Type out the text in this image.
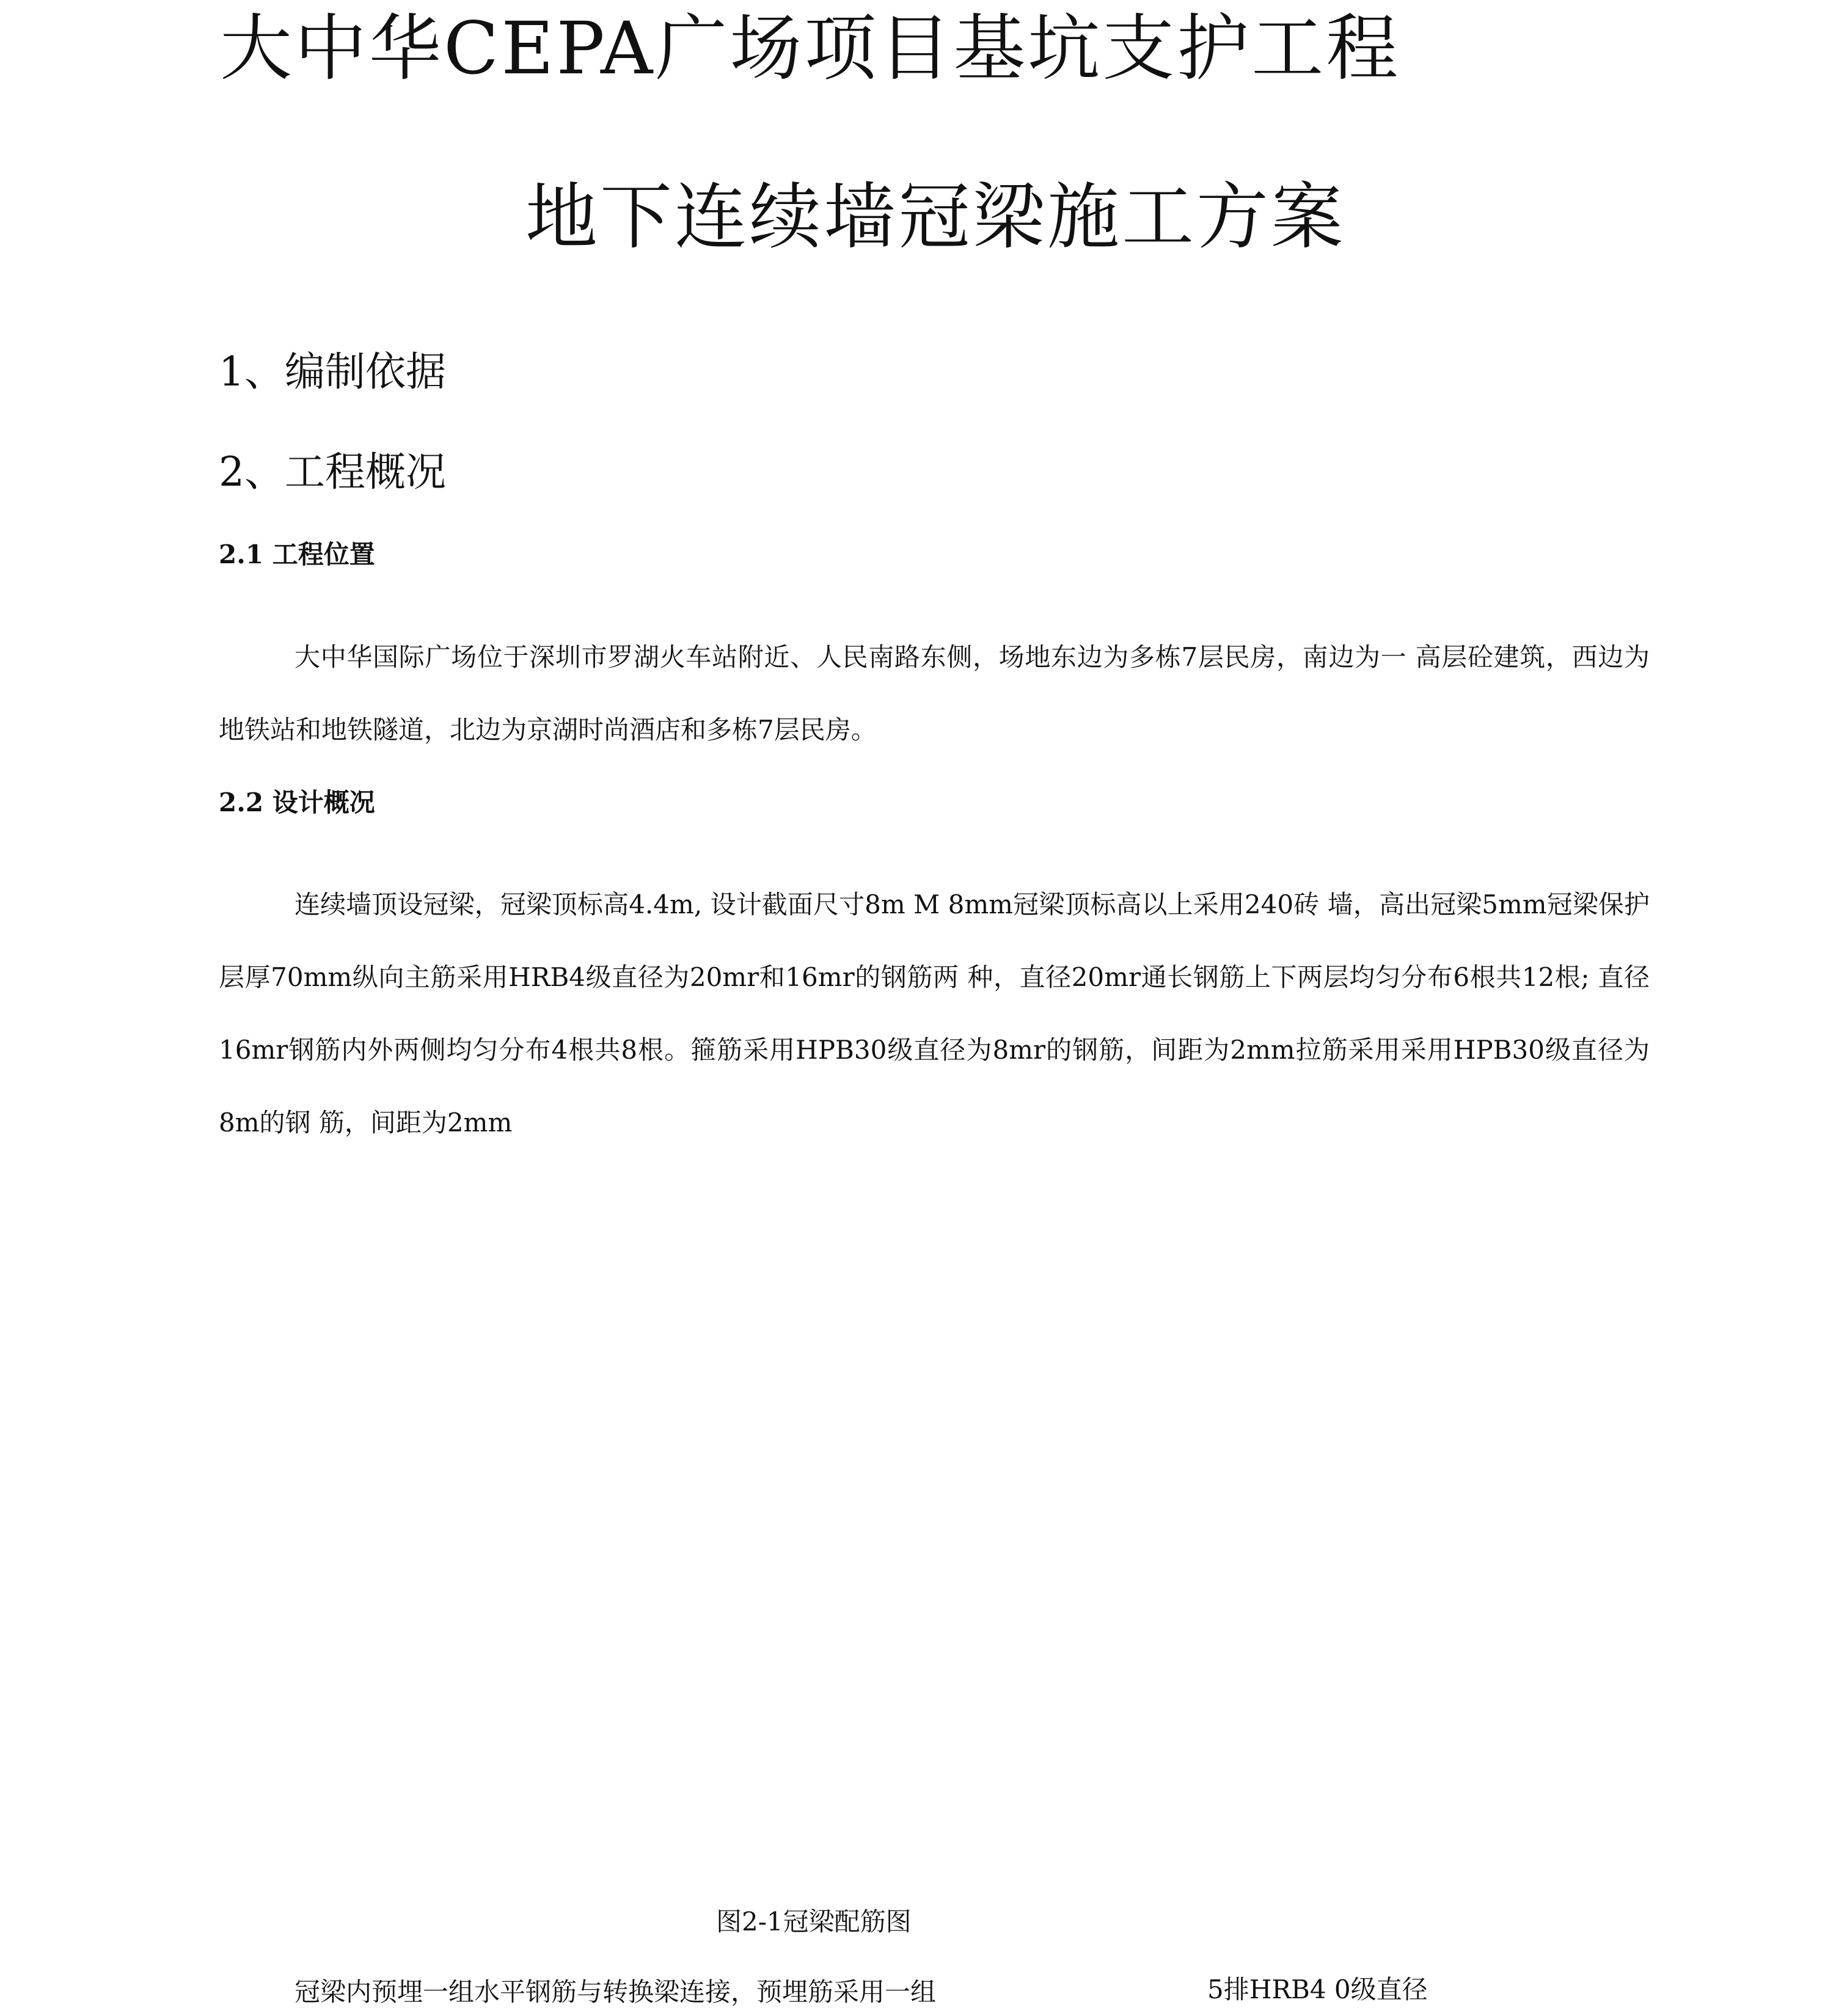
大中华CEPA广场项目基坑支护工程
地下连续墙冠梁施工方案
1、编制依据
2、工程概况
2.1 工程位置

大中华国际广场位于深圳市罗湖火车站附近、人民南路东侧，场地东边为多栋7层民房，南边为一 高层砼建筑，西边为地铁站和地铁隧道，北边为京湖时尚酒店和多栋7层民房。

2.2 设计概况

连续墙顶设冠梁，冠梁顶标高4.4m, 设计截面尺寸8m M 8mm冠梁顶标高以上采用240砖 墙，高出冠梁5mm冠梁保护层厚70mm纵向主筋采用HRB4级直径为20mr和16mr的钢筋两 种，直径20mr通长钢筋上下两层均匀分布6根共12根; 直径16mr钢筋内外两侧均匀分布4根共8根。箍筋采用HPB30级直径为8mr的钢筋，间距为2mm拉筋采用采用HPB30级直径为8m的钢 筋，间距为2mm

图2-1冠梁配筋图
冠梁内预埋一组水平钢筋与转换梁连接，预埋筋采用一组	5排HRB4 0级直径
